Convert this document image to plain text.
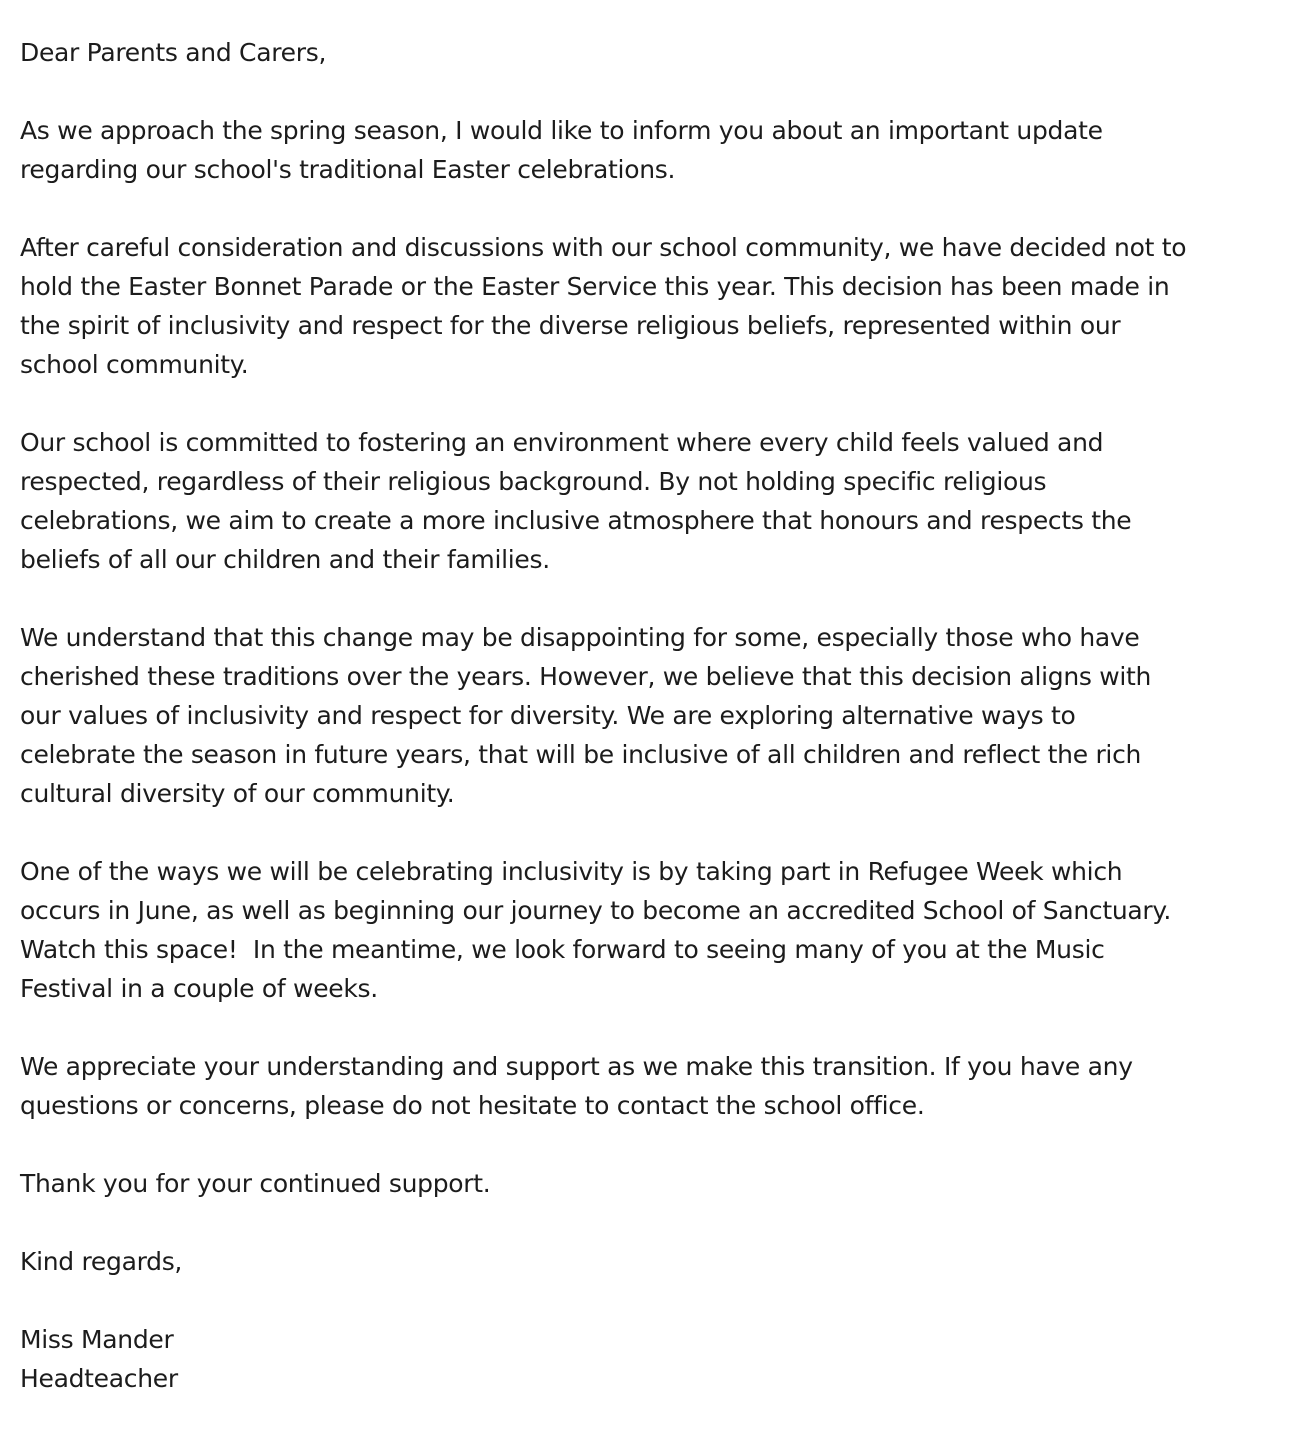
Dear Parents and Carers,

As we approach the spring season, I would like to inform you about an important update
regarding our school's traditional Easter celebrations.

After careful consideration and discussions with our school community, we have decided not to
hold the Easter Bonnet Parade or the Easter Service this year. This decision has been made in
the spirit of inclusivity and respect for the diverse religious beliefs, represented within our
school community.

Our school is committed to fostering an environment where every child feels valued and
respected, regardless of their religious background. By not holding specific religious
celebrations, we aim to create a more inclusive atmosphere that honours and respects the
beliefs of all our children and their families.

We understand that this change may be disappointing for some, especially those who have
cherished these traditions over the years. However, we believe that this decision aligns with
our values of inclusivity and respect for diversity. We are exploring alternative ways to
celebrate the season in future years, that will be inclusive of all children and reflect the rich
cultural diversity of our community.

One of the ways we will be celebrating inclusivity is by taking part in Refugee Week which
occurs in June, as well as beginning our journey to become an accredited School of Sanctuary.
Watch this space!  In the meantime, we look forward to seeing many of you at the Music
Festival in a couple of weeks.

We appreciate your understanding and support as we make this transition. If you have any
questions or concerns, please do not hesitate to contact the school office.

Thank you for your continued support.

Kind regards,

Miss Mander
Headteacher
